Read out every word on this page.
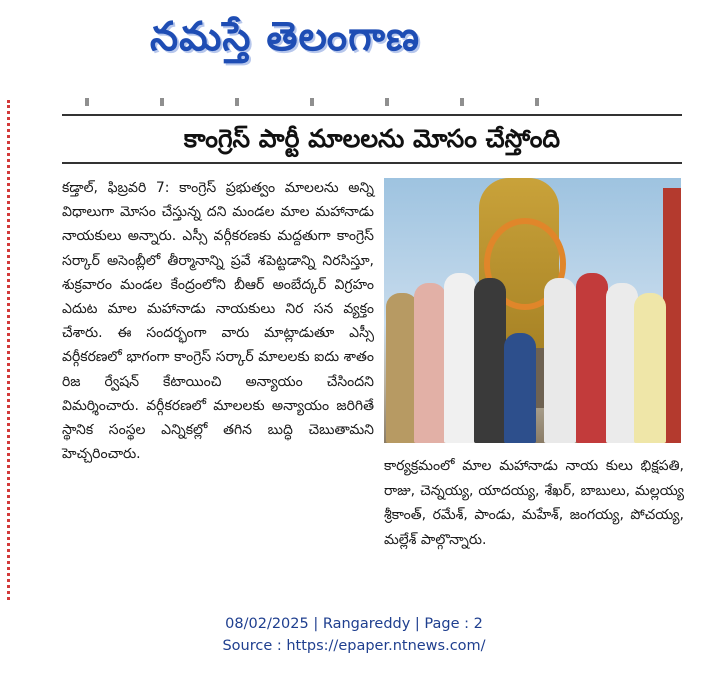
నమస్తే తెలంగాణ
కాంగ్రెస్ పార్టీ మాలలను మోసం చేస్తోంది
కడ్తాల్, ఫిబ్రవరి 7: కాంగ్రెస్ ప్రభుత్వం మాలలను అన్ని విధాలుగా మోసం చేస్తున్న దని మండల మాల మహానాడు నాయకులు అన్నారు. ఎస్సీ వర్గీకరణకు మద్దతుగా కాంగ్రెస్ సర్కార్ అసెంబ్లీలో తీర్మానాన్ని ప్రవే శపెట్టడాన్ని నిరసిస్తూ, శుక్రవారం మండల కేంద్రంలోని బీఆర్ అంబేద్కర్ విగ్రహం ఎదుట మాల మహానాడు నాయకులు నిర సన వ్యక్తం చేశారు. ఈ సందర్భంగా వారు మాట్లాడుతూ ఎస్సీ వర్గీకరణలో భాగంగా కాంగ్రెస్ సర్కార్ మాలలకు ఐదు శాతం రిజ ర్వేషన్ కేటాయించి అన్యాయం చేసిందని విమర్శించారు. వర్గీకరణలో మాలలకు అన్యాయం జరిగితే స్థానిక సంస్థల ఎన్నికల్లో తగిన బుద్ధి చెబుతామని హెచ్చరించారు.
కార్యక్రమంలో మాల మహానాడు నాయ కులు భిక్షపతి, రాజు, చెన్నయ్య, యాదయ్య, శేఖర్, బాబులు, మల్లయ్య శ్రీకాంత్, రమేశ్, పాండు, మహేశ్, జంగయ్య, పోచయ్య, మల్లేశ్ పాల్గొన్నారు.
08/02/2025 | Rangareddy | Page : 2
Source : https://epaper.ntnews.com/
